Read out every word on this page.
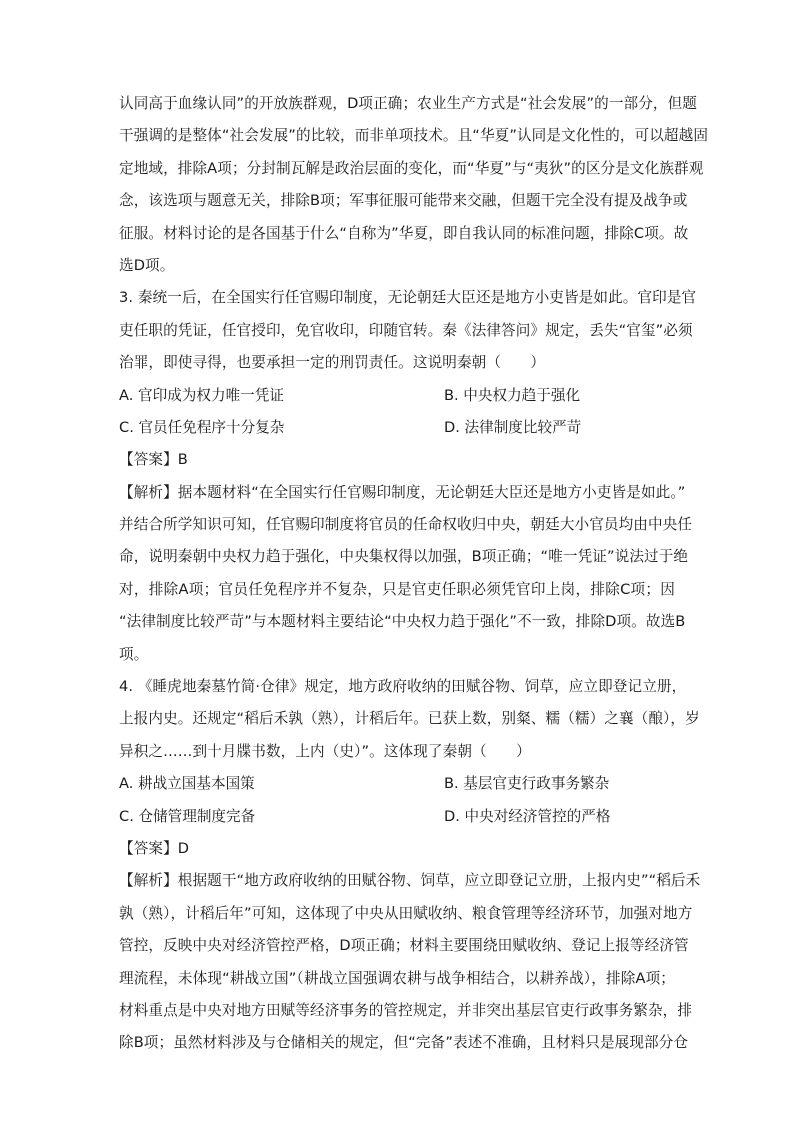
认同高于血缘认同”的开放族群观，D项正确；农业生产方式是“社会发展”的一部分，但题
干强调的是整体“社会发展”的比较，而非单项技术。且“华夏”认同是文化性的，可以超越固
定地域，排除A项；分封制瓦解是政治层面的变化，而“华夏”与“夷狄”的区分是文化族群观
念，该选项与题意无关，排除B项；军事征服可能带来交融，但题干完全没有提及战争或
征服。材料讨论的是各国基于什么“自称为”华夏，即自我认同的标准问题，排除C项。故
选D项。
3. 秦统一后，在全国实行任官赐印制度，无论朝廷大臣还是地方小吏皆是如此。官印是官
吏任职的凭证，任官授印，免官收印，印随官转。秦《法律答问》规定，丢失“官玺”必须
治罪，即使寻得，也要承担一定的刑罚责任。这说明秦朝（　　）
A. 官印成为权力唯一凭证	B. 中央权力趋于强化
C. 官员任免程序十分复杂	D. 法律制度比较严苛
【答案】B
【解析】据本题材料“在全国实行任官赐印制度，无论朝廷大臣还是地方小吏皆是如此。”
并结合所学知识可知，任官赐印制度将官员的任命权收归中央，朝廷大小官员均由中央任
命，说明秦朝中央权力趋于强化，中央集权得以加强，B项正确；“唯一凭证”说法过于绝
对，排除A项；官员任免程序并不复杂，只是官吏任职必须凭官印上岗，排除C项；因
“法律制度比较严苛”与本题材料主要结论“中央权力趋于强化”不一致，排除D项。故选B
项。
4. 《睡虎地秦墓竹简·仓律》规定，地方政府收纳的田赋谷物、饲草，应立即登记立册，
上报内史。还规定“稻后禾孰（熟），计稻后年。已获上数，别粲、糯（糯）之襄（酿），岁
异积之……到十月牒书数，上内（史）”。这体现了秦朝（　　）
A. 耕战立国基本国策	B. 基层官吏行政事务繁杂
C. 仓储管理制度完备	D. 中央对经济管控的严格
【答案】D
【解析】根据题干“地方政府收纳的田赋谷物、饲草，应立即登记立册，上报内史”“稻后禾
孰（熟），计稻后年”可知，这体现了中央从田赋收纳、粮食管理等经济环节，加强对地方
管控，反映中央对经济管控严格，D项正确；材料主要围绕田赋收纳、登记上报等经济管
理流程，未体现“耕战立国”（耕战立国强调农耕与战争相结合，以耕养战），排除A项；
材料重点是中央对地方田赋等经济事务的管控规定，并非突出基层官吏行政事务繁杂，排
除B项；虽然材料涉及与仓储相关的规定，但“完备”表述不准确，且材料只是展现部分仓
